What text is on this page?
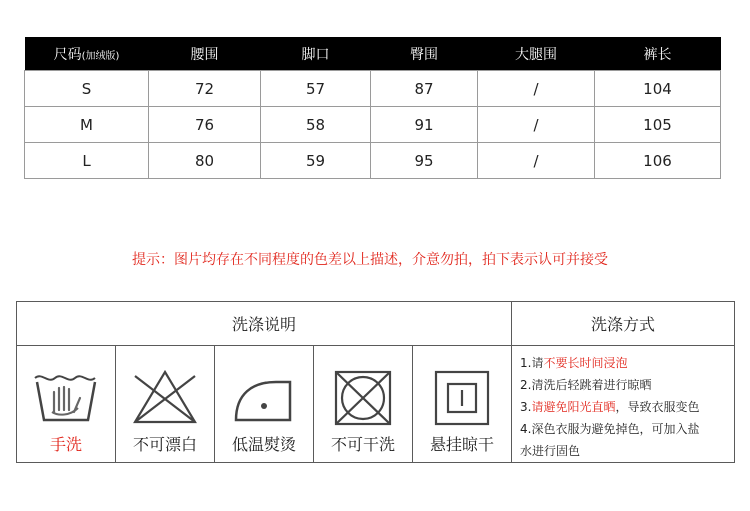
尺码(加绒版)	腰围	脚口	臀围	大腿围	裤长
S	72	57	87	/	104
M	76	58	91	/	105
L	80	59	95	/	106
提示：图片均存在不同程度的色差以上描述，介意勿拍，拍下表示认可并接受
洗涤说明	洗涤方式
手洗	不可漂白	低温熨烫	不可干洗	悬挂晾干
1.请不要长时间浸泡
2.清洗后轻跳着进行晾晒
3.请避免阳光直晒，导致衣服变色
4.深色衣服为避免掉色，可加入盐
水进行固色
